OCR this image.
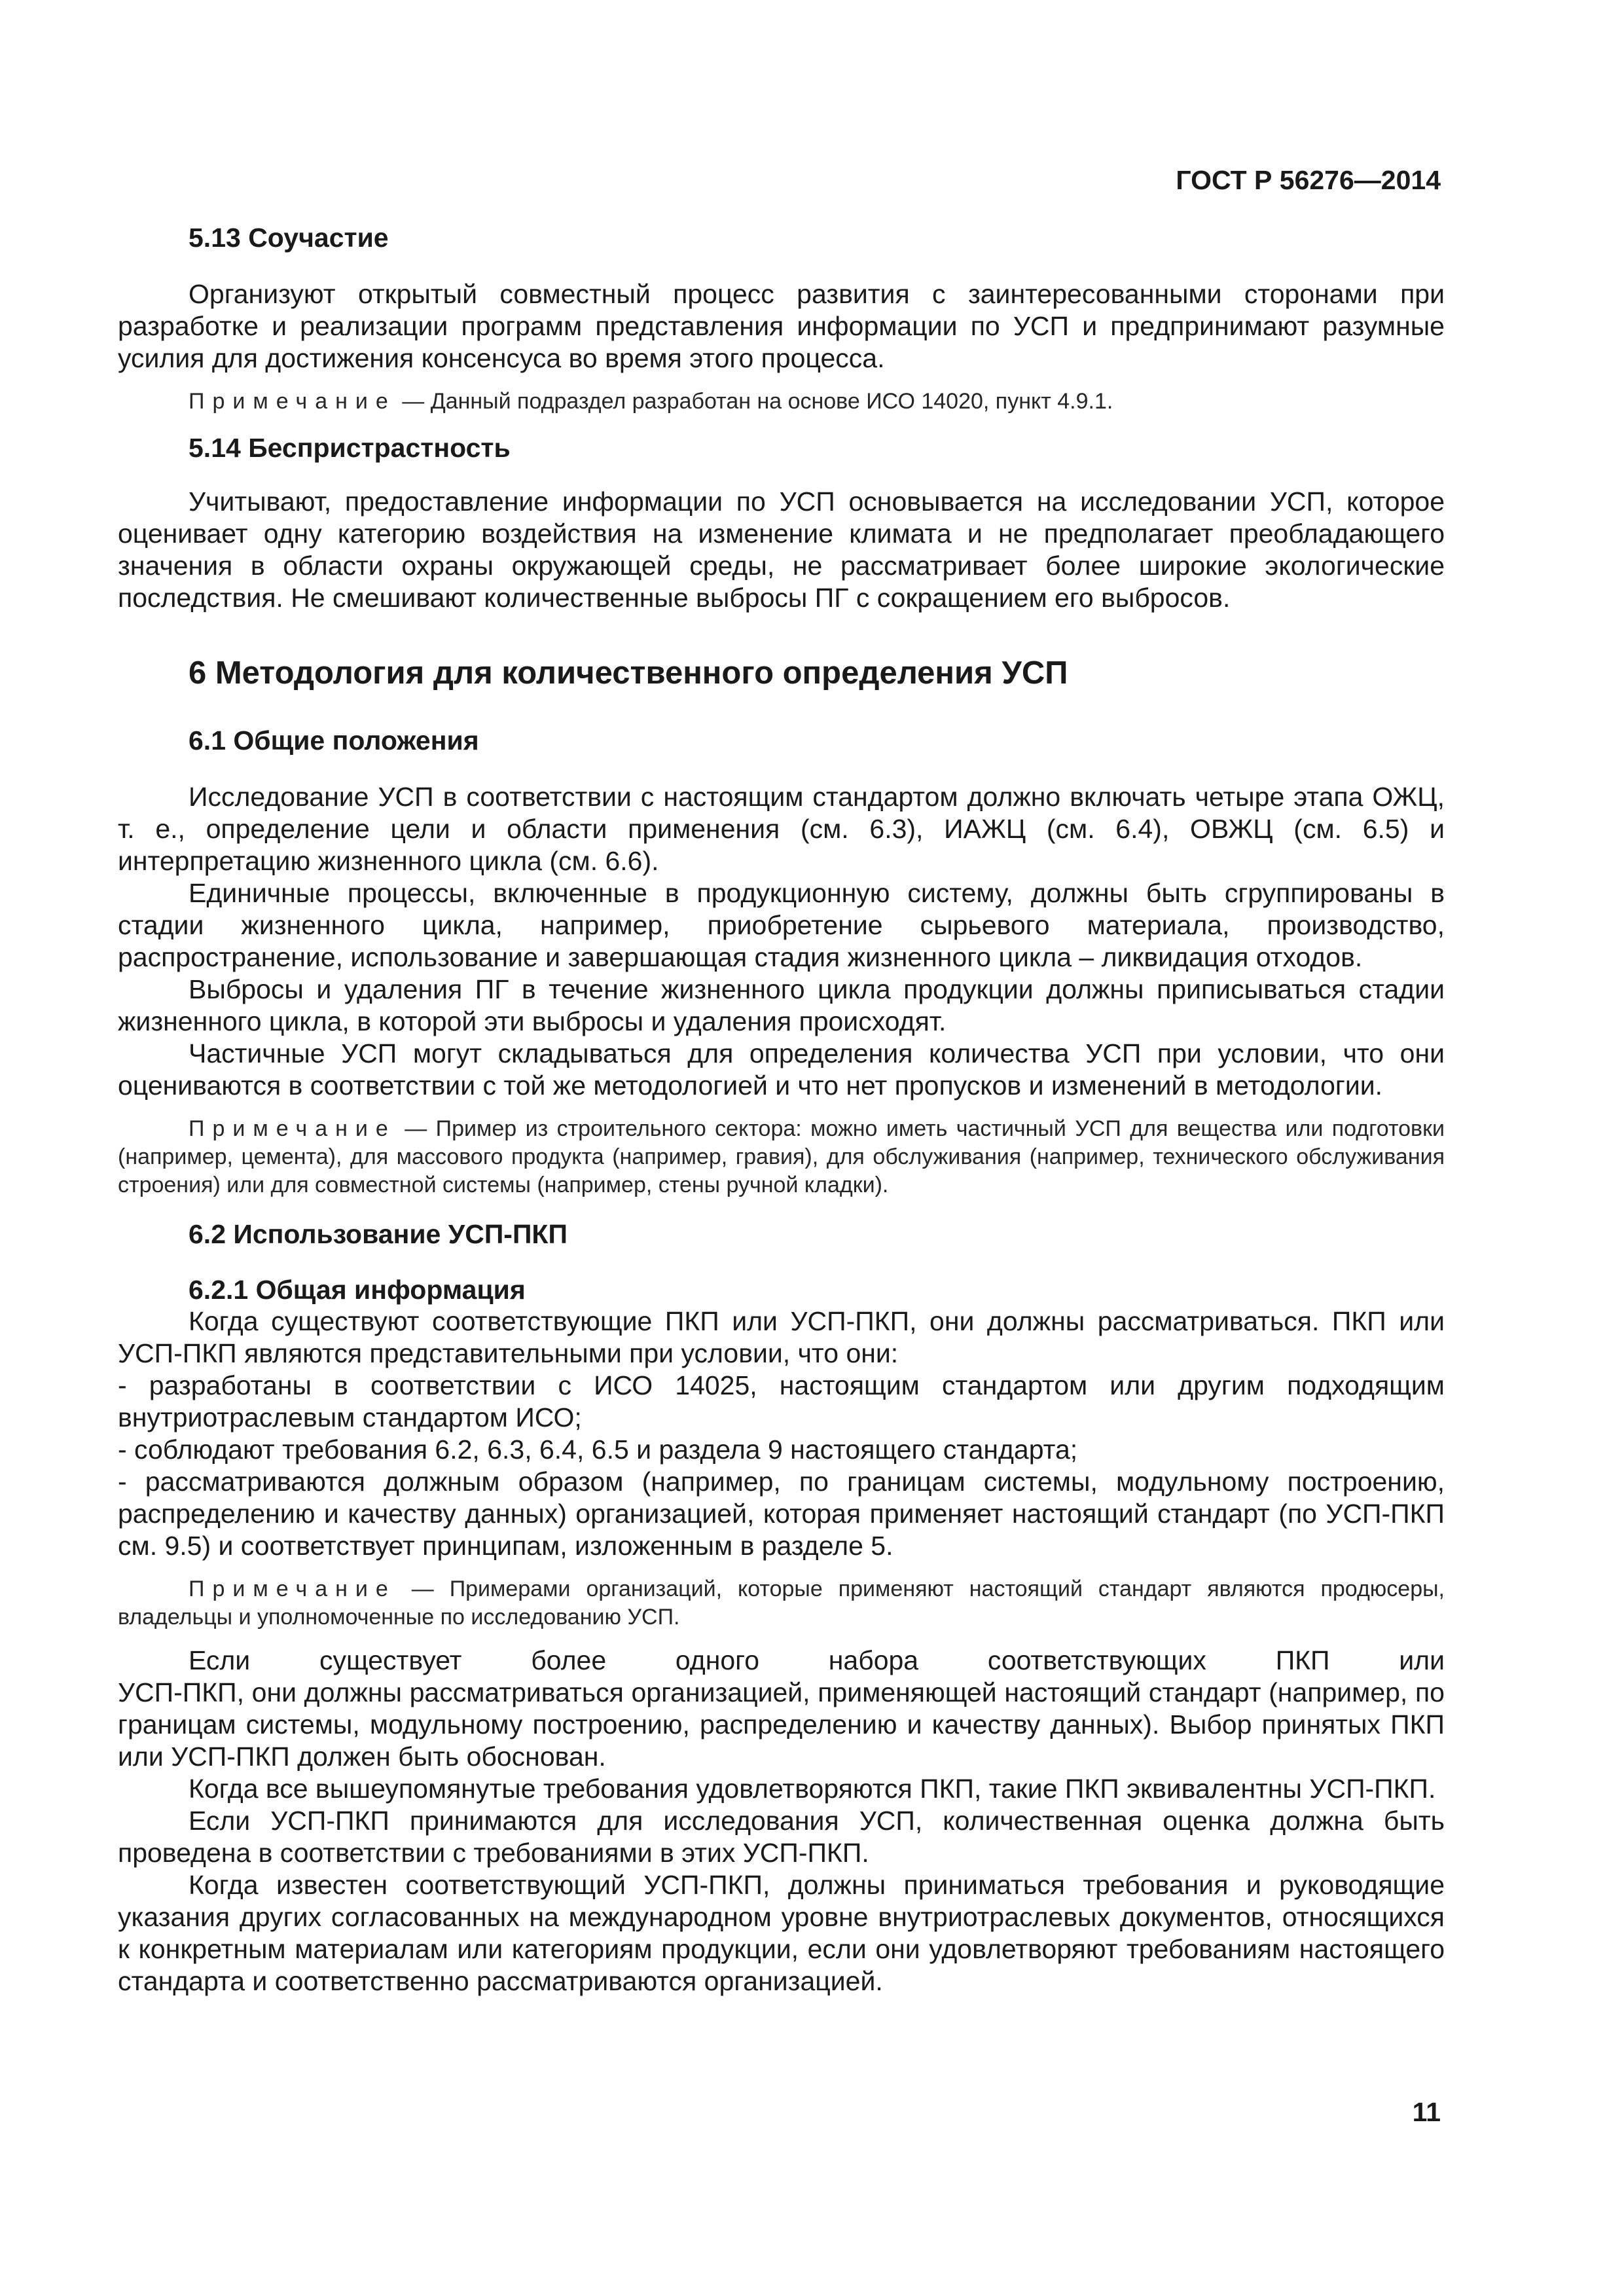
ГОСТ Р 56276—2014
5.13 Соучастие

Организуют открытый совместный процесс развития с заинтересованными сторонами при разработке и реализации программ представления информации по УСП и предпринимают разумные усилия для достижения консенсуса во время этого процесса.

Примечание — Данный подраздел разработан на основе ИСО 14020, пункт 4.9.1.

5.14 Беспристрастность

Учитывают, предоставление информации по УСП основывается на исследовании УСП, которое оценивает одну категорию воздействия на изменение климата и не предполагает преобладающего значения в области охраны окружающей среды, не рассматривает более широкие экологические последствия. Не смешивают количественные выбросы ПГ с сокращением его выбросов.

6 Методология для количественного определения УСП
6.1 Общие положения

Исследование УСП в соответствии с настоящим стандартом должно включать четыре этапа ОЖЦ, т. е., определение цели и области применения (см. 6.3), ИАЖЦ (см. 6.4), ОВЖЦ (см. 6.5) и интерпретацию жизненного цикла (см. 6.6).

Единичные процессы, включенные в продукционную систему, должны быть сгруппированы в стадии жизненного цикла, например, приобретение сырьевого материала, производство, распространение, использование и завершающая стадия жизненного цикла – ликвидация отходов.

Выбросы и удаления ПГ в течение жизненного цикла продукции должны приписываться стадии жизненного цикла, в которой эти выбросы и удаления происходят.

Частичные УСП могут складываться для определения количества УСП при условии, что они оцениваются в соответствии с той же методологией и что нет пропусков и изменений в методологии.

Примечание — Пример из строительного сектора: можно иметь частичный УСП для вещества или подготовки (например, цемента), для массового продукта (например, гравия), для обслуживания (например, технического обслуживания строения) или для совместной системы (например, стены ручной кладки).

6.2 Использование УСП-ПКП
6.2.1 Общая информация

Когда существуют соответствующие ПКП или УСП-ПКП, они должны рассматриваться. ПКП или УСП-ПКП являются представительными при условии, что они:

- разработаны в соответствии с ИСО 14025, настоящим стандартом или другим подходящим внутриотраслевым стандартом ИСО;

- соблюдают требования 6.2, 6.3, 6.4, 6.5 и раздела 9 настоящего стандарта;

- рассматриваются должным образом (например, по границам системы, модульному построению, распределению и качеству данных) организацией, которая применяет настоящий стандарт (по УСП-ПКП см. 9.5) и соответствует принципам, изложенным в разделе 5.

Примечание — Примерами организаций, которые применяют настоящий стандарт являются продюсеры, владельцы и уполномоченные по исследованию УСП.

Если	существует	более	одного	набора	соответствующих	ПКП	или

УСП-ПКП, они должны рассматриваться организацией, применяющей настоящий стандарт (например, по границам системы, модульному построению, распределению и качеству данных). Выбор принятых ПКП или УСП-ПКП должен быть обоснован.

Когда все вышеупомянутые требования удовлетворяются ПКП, такие ПКП эквивалентны УСП-ПКП.

Если УСП-ПКП принимаются для исследования УСП, количественная оценка должна быть проведена в соответствии с требованиями в этих УСП-ПКП.

Когда известен соответствующий УСП-ПКП, должны приниматься требования и руководящие указания других согласованных на международном уровне внутриотраслевых документов, относящихся к конкретным материалам или категориям продукции, если они удовлетворяют требованиям настоящего стандарта и соответственно рассматриваются организацией.

11
